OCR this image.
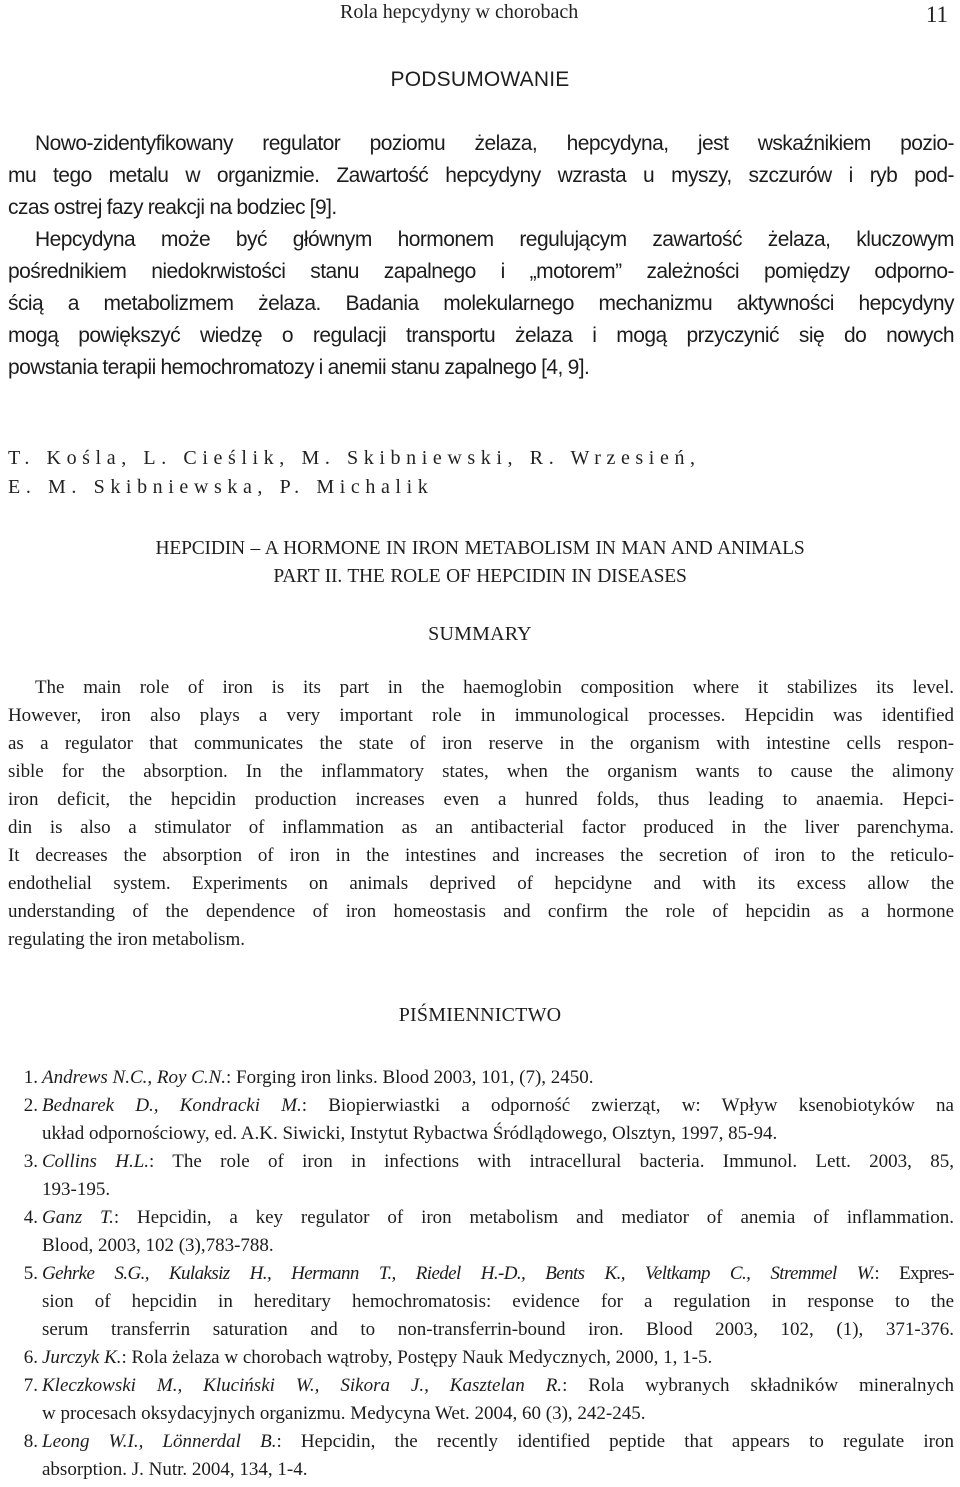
Rola hepcydyny w chorobach	11
PODSUMOWANIE

Nowo-zidentyfikowany regulator poziomu żelaza, hepcydyna, jest wskaźnikiem pozio-

mu tego metalu w organizmie. Zawartość hepcydyny wzrasta u myszy, szczurów i ryb pod-

czas ostrej fazy reakcji na bodziec [9].

Hepcydyna może być głównym hormonem regulującym zawartość żelaza, kluczowym

pośrednikiem niedokrwistości stanu zapalnego i „motorem” zależności pomiędzy odporno-

ścią a metabolizmem żelaza. Badania molekularnego mechanizmu aktywności hepcydyny

mogą powiększyć wiedzę o regulacji transportu żelaza i mogą przyczynić się do nowych

powstania terapii hemochromatozy i anemii stanu zapalnego [4, 9].

T. Kośla, L. Cieślik, M. Skibniewski, R. Wrzesień,
E. M. Skibniewska, P. Michalik
HEPCIDIN – A HORMONE IN IRON METABOLISM IN MAN AND ANIMALS
PART II. THE ROLE OF HEPCIDIN IN DISEASES
SUMMARY

The main role of iron is its part in the haemoglobin composition where it stabilizes its level.

However, iron also plays a very important role in immunological processes. Hepcidin was identified

as a regulator that communicates the state of iron reserve in the organism with intestine cells respon-

sible for the absorption. In the inflammatory states, when the organism wants to cause the alimony

iron deficit, the hepcidin production increases even a hunred folds, thus leading to anaemia. Hepci-

din is also a stimulator of inflammation as an antibacterial factor produced in the liver parenchyma.

It decreases the absorption of iron in the intestines and increases the secretion of iron to the reticulo-

endothelial system. Experiments on animals deprived of hepcidyne and with its excess allow the

understanding of the dependence of iron homeostasis and confirm the role of hepcidin as a hormone

regulating the iron metabolism.

PIŚMIENNICTWO
1. Andrews N.C., Roy C.N.: Forging iron links. Blood 2003, 101, (7), 2450.

2. Bednarek D., Kondracki M.: Biopierwiastki a odporność zwierząt, w: Wpływ ksenobiotyków na

układ odpornościowy, ed. A.K. Siwicki, Instytut Rybactwa Śródlądowego, Olsztyn, 1997, 85-94.

3. Collins H.L.: The role of iron in infections with intracellural bacteria. Immunol. Lett. 2003, 85,

193-195.

4. Ganz T.: Hepcidin, a key regulator of iron metabolism and mediator of anemia of inflammation.

Blood, 2003, 102 (3),783-788.

5. Gehrke S.G., Kulaksiz H., Hermann T., Riedel H.-D., Bents K., Veltkamp C., Stremmel W.: Expres-

sion of hepcidin in hereditary hemochromatosis: evidence for a regulation in response to the

serum transferrin saturation and to non-transferrin-bound iron. Blood 2003, 102, (1), 371-376.

6. Jurczyk K.: Rola żelaza w chorobach wątroby, Postępy Nauk Medycznych, 2000, 1, 1-5.

7. Kleczkowski M., Kluciński W., Sikora J., Kasztelan R.: Rola wybranych składników mineralnych

w procesach oksydacyjnych organizmu. Medycyna Wet. 2004, 60 (3), 242-245.

8. Leong W.I., Lönnerdal B.: Hepcidin, the recently identified peptide that appears to regulate iron

absorption. J. Nutr. 2004, 134, 1-4.
